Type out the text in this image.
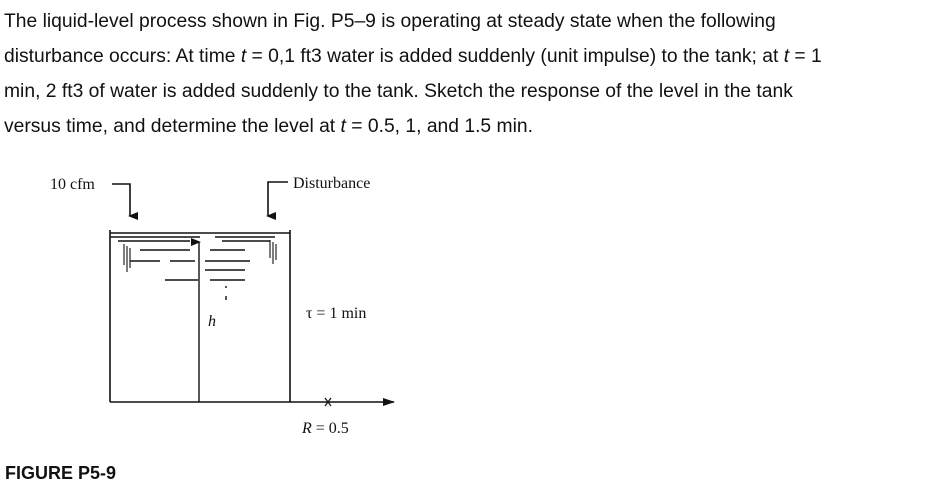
The liquid-level process shown in Fig. P5–9 is operating at steady state when the following
disturbance occurs: At time t = 0,1 ft3 water is added suddenly (unit impulse) to the tank; at t = 1
min, 2 ft3 of water is added suddenly to the tank. Sketch the response of the level in the tank
versus time, and determine the level at t = 0.5, 1, and 1.5 min.
10 cfm	Disturbance
h	τ = 1 min
R = 0.5

FIGURE P5-9
